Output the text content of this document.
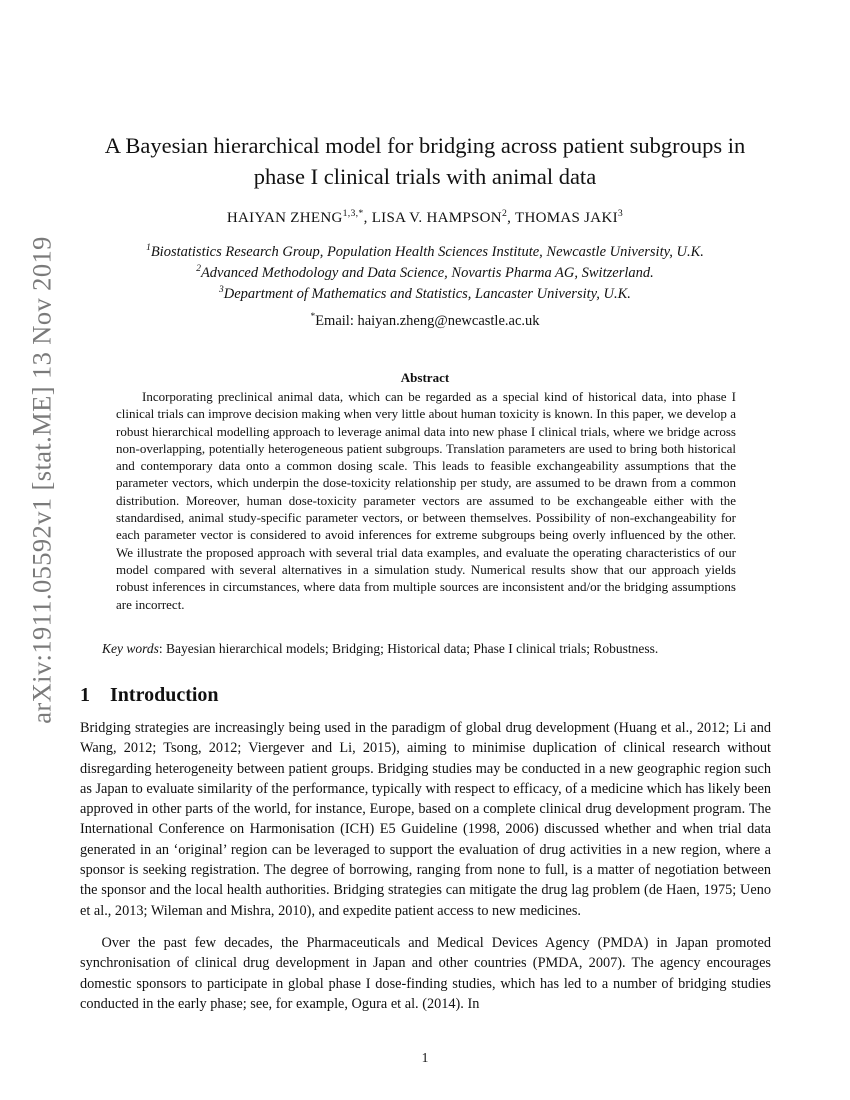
arXiv:1911.05592v1 [stat.ME] 13 Nov 2019
A Bayesian hierarchical model for bridging across patient subgroups in
phase I clinical trials with animal data
HAIYAN $ZHENG^{1,3,*}$, LISA V. HAMPSON$^2$, THOMAS JAKI$^3$
$^1$Biostatistics Research Group, Population Health Sciences Institute, Newcastle University, U.K.
$^2$Advanced Methodology and Data Science, Novartis Pharma AG, Switzerland.
$^3$Department of Mathematics and Statistics, Lancaster University, U.K.
*Email: haiyan.zheng@newcastle.ac.uk
Abstract

Incorporating preclinical animal data, which can be regarded as a special kind of historical data, into phase I clinical trials can improve decision making when very little about human toxicity is known. In this paper, we develop a robust hierarchical modelling approach to leverage animal data into new phase I clinical trials, where we bridge across non-overlapping, potentially heterogeneous patient subgroups. Translation parameters are used to bring both historical and contemporary data onto a common dosing scale. This leads to feasible exchangeability assumptions that the parameter vectors, which underpin the dose-toxicity relationship per study, are assumed to be drawn from a common distribution. Moreover, human dose-toxicity parameter vectors are assumed to be exchangeable either with the standardised, animal study-specific parameter vectors, or between themselves. Possibility of non-exchangeability for each parameter vector is considered to avoid inferences for extreme subgroups being overly influenced by the other. We illustrate the proposed approach with several trial data examples, and evaluate the operating characteristics of our model compared with several alternatives in a simulation study. Numerical results show that our approach yields robust inferences in circumstances, where data from multiple sources are inconsistent and/or the bridging assumptions are incorrect.

Key words: Bayesian hierarchical models; Bridging; Historical data; Phase I clinical trials; Robustness.
1 Introduction

Bridging strategies are increasingly being used in the paradigm of global drug development (Huang et al., 2012; Li and Wang, 2012; Tsong, 2012; Viergever and Li, 2015), aiming to minimise duplication of clinical research without disregarding heterogeneity between patient groups. Bridging studies may be conducted in a new geographic region such as Japan to evaluate similarity of the performance, typically with respect to efficacy, of a medicine which has likely been approved in other parts of the world, for instance, Europe, based on a complete clinical drug development program. The International Conference on Harmonisation (ICH) E5 Guideline (1998, 2006) discussed whether and when trial data generated in an ‘original’ region can be leveraged to support the evaluation of drug activities in a new region, where a sponsor is seeking registration. The degree of borrowing, ranging from none to full, is a matter of negotiation between the sponsor and the local health authorities. Bridging strategies can mitigate the drug lag problem (de Haen, 1975; Ueno et al., 2013; Wileman and Mishra, 2010), and expedite patient access to new medicines.

Over the past few decades, the Pharmaceuticals and Medical Devices Agency (PMDA) in Japan promoted synchronisation of clinical drug development in Japan and other countries (PMDA, 2007). The agency encourages domestic sponsors to participate in global phase I dose-finding studies, which has led to a number of bridging studies conducted in the early phase; see, for example, Ogura et al. (2014). In

1
